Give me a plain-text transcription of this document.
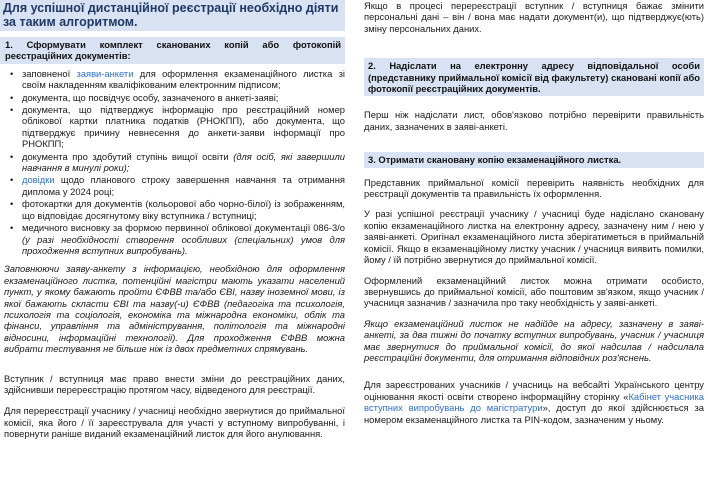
Для успішної дистанційної реєстрації необхідно діяти за таким алгоритмом.
1. Сформувати комплект сканованих копій або фотокопій реєстраційних документів:
• заповненої заяви-анкети для оформлення екзаменаційного листка зі своїм накладенням кваліфікованим електронним підписом;
• документа, що посвідчує особу, зазначеного в анкеті-заяві;
• документа, що підтверджує інформацію про реєстраційний номер облікової картки платника податків (РНОКПП), або документа, що підтверджує причину невнесення до анкети-заяви інформації про РНОКПП;
• документа про здобутий ступінь вищої освіти (для осіб, які завершили навчання в минулі роки);
• довідки щодо планового строку завершення навчання та отримання диплома у 2024 році;
• фотокартки для документів (кольорової або чорно-білої) із зображенням, що відповідає досягнутому віку вступника / вступниці;
• медичного висновку за формою первинної облікової документації 086-3/о (у разі необхідності створення особливих (спеціальних) умов для проходження вступних випробувань).

Заповнюючи заяву-анкету з інформацією, необхідною для оформлення екзаменаційного листка, потенційні магістри мають указати населений пункт, у якому бажають пройти ЄФВВ та/або ЄВІ, назву іноземної мови, із якої бажають скласти ЄВІ та назву(-и) ЄФВВ (педагогіка та психологія, психологія та соціологія, економіка та міжнародна економіки, облік та фінанси, управління та адміністрування, політологія та міжнародні відносини, інформаційні технології). Для проходження ЄФВВ можна вибрати тестування не більше ніж із двох предметних спрямувань.

Вступник / вступниця має право внести зміни до реєстраційних даних, здійснивши перереєстрацію протягом часу, відведеного для реєстрації.

Для перереєстрації учаснику / учасниці необхідно звернутися до приймальної комісії, яка його / її зареєструвала для участі у вступному випробуванні, і повернути раніше виданий екзаменаційний листок для його анулювання.

Якщо в процесі перереєстрації вступник / вступниця бажає змінити персональні дані – він / вона має надати документ(и), що підтверджує(ють) зміну персональних даних.

2. Надіслати на електронну адресу відповідальної особи (представнику приймальної комісії від факультету) скановані копії або фотокопії реєстраційних документів.

Перш ніж надіслати лист, обов'язково потрібно перевірити правильність даних, зазначених в заяві-анкеті.

3. Отримати скановану копію екзаменаційного листка.

Представник приймальної комісії перевірить наявність необхідних для реєстрації документів та правильність їх оформлення.

У разі успішної реєстрації учаснику / учасниці буде надіслано скановану копію екзаменаційного листка на електронну адресу, зазначену ним / нею у заяві-анкеті. Оригінал екзаменаційного листа зберігатиметься в приймальній комісії. Якщо в екзаменаційному листку учасник / учасниця виявить помилки, йому / їй потрібно звернутися до приймальної комісії.

Оформлений екзаменаційний листок можна отримати особисто, звернувшись до приймальної комісії, або поштовим зв'язком, якщо учасник / учасниця зазначив / зазначила про таку необхідність у заяві-анкеті.

Якщо екзаменаційний листок не надійде на адресу, зазначену в заяві-анкеті, за два тижні до початку вступних випробувань, учасник / учасниця має звернутися до приймальної комісії, до якої надсилав / надсилала реєстраційні документи, для отримання відповідних роз'яснень.

Для зареєстрованих учасників / учасниць на вебсайті Українського центру оцінювання якості освіти створено інформаційну сторінку «Кабінет учасника вступних випробувань до магістратури», доступ до якої здійснюється за номером екзаменаційного листка та PIN-кодом, зазначеним у ньому.
